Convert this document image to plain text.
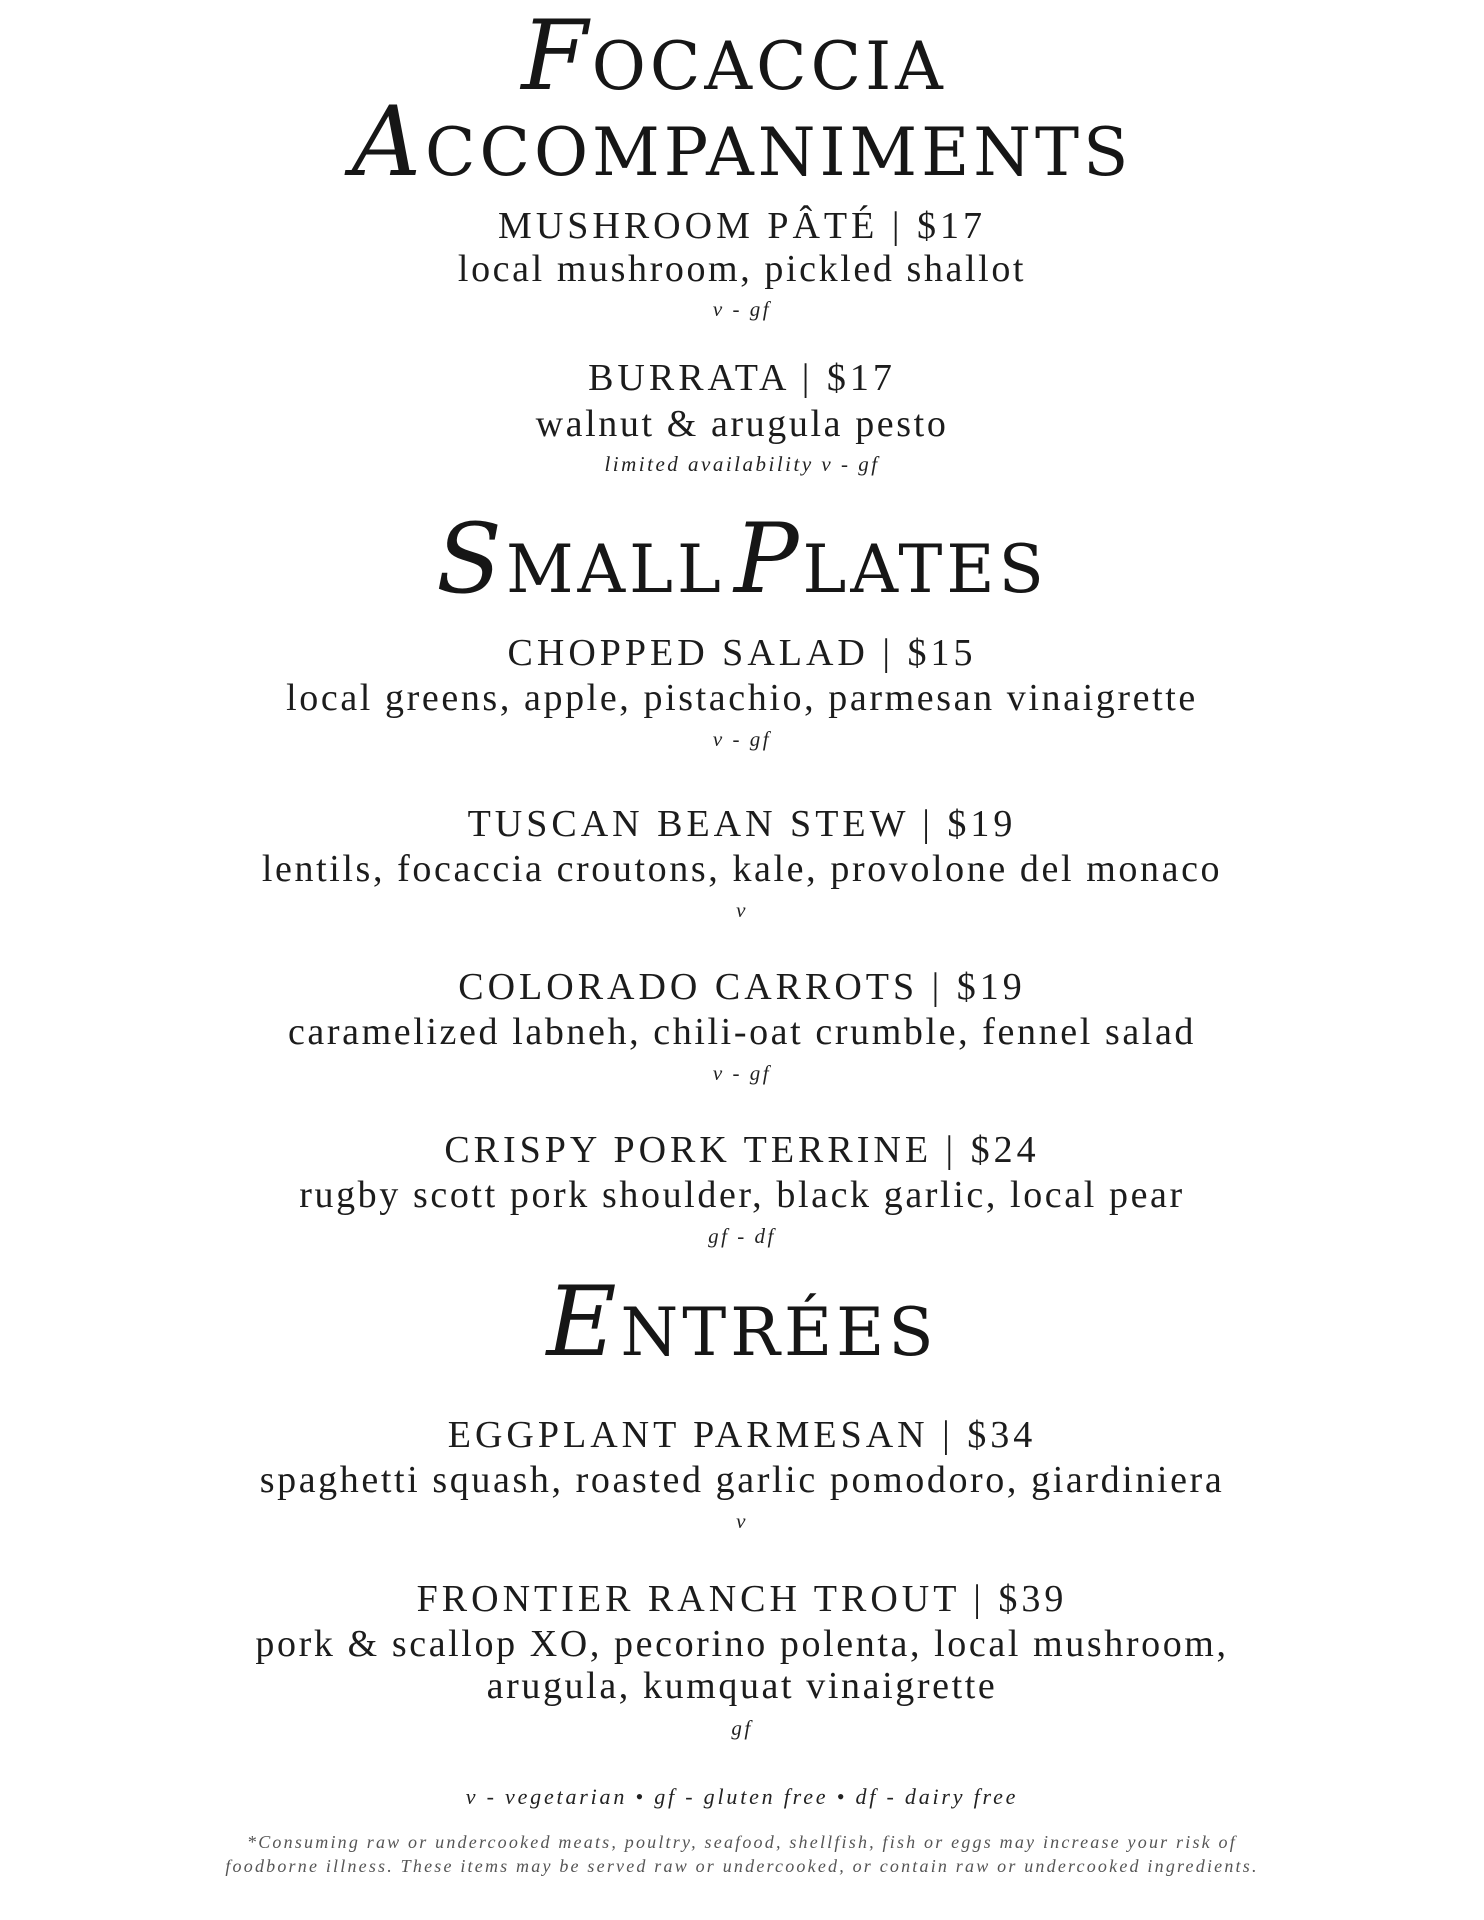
FOCACCIA
ACCOMPANIMENTS
MUSHROOM PÂTÉ | $17
local mushroom, pickled shallot
v - gf
BURRATA | $17
walnut & arugula pesto
limited availability v - gf
SMALL PLATES
CHOPPED SALAD | $15
local greens, apple, pistachio, parmesan vinaigrette
v - gf
TUSCAN BEAN STEW | $19
lentils, focaccia croutons, kale, provolone del monaco
v
COLORADO CARROTS | $19
caramelized labneh, chili-oat crumble, fennel salad
v - gf
CRISPY PORK TERRINE | $24
rugby scott pork shoulder, black garlic, local pear
gf - df
ENTRÉES
EGGPLANT PARMESAN | $34
spaghetti squash, roasted garlic pomodoro, giardiniera
v
FRONTIER RANCH TROUT | $39
pork & scallop XO, pecorino polenta, local mushroom,
arugula, kumquat vinaigrette
gf
v - vegetarian • gf - gluten free • df - dairy free
*Consuming raw or undercooked meats, poultry, seafood, shellfish, fish or eggs may increase your risk of
foodborne illness. These items may be served raw or undercooked, or contain raw or undercooked ingredients.
